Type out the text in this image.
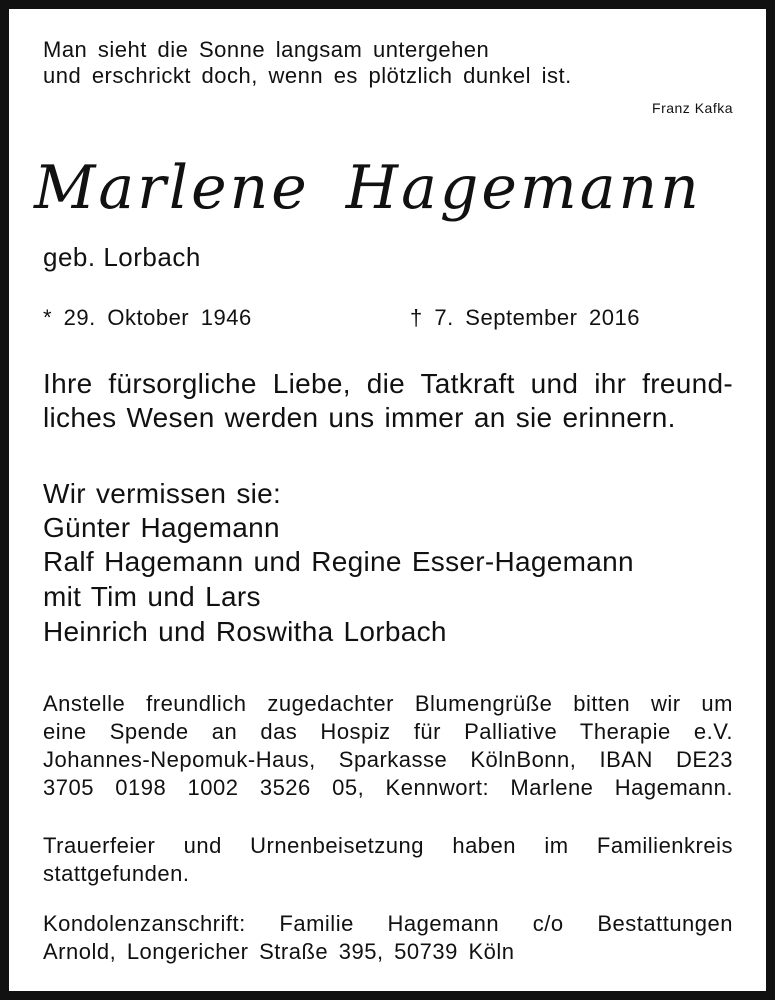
Man sieht die Sonne langsam untergehen
und erschrickt doch, wenn es plötzlich dunkel ist.
Franz Kafka
Marlene Hagemann
geb. Lorbach
* 29. Oktober 1946	† 7. September 2016
Ihre fürsorgliche Liebe, die Tatkraft und ihr freund-
liches Wesen werden uns immer an sie erinnern.
Wir vermissen sie:
Günter Hagemann
Ralf Hagemann und Regine Esser-Hagemann
mit Tim und Lars
Heinrich und Roswitha Lorbach
Anstelle freundlich zugedachter Blumengrüße bitten wir um
eine Spende an das Hospiz für Palliative Therapie e.V.
Johannes-Nepomuk-Haus, Sparkasse KölnBonn, IBAN DE23
3705 0198 1002 3526 05, Kennwort: Marlene Hagemann.
Trauerfeier und Urnenbeisetzung haben im Familienkreis
stattgefunden.
Kondolenzanschrift: Familie Hagemann c/o Bestattungen
Arnold, Longericher Straße 395, 50739 Köln
